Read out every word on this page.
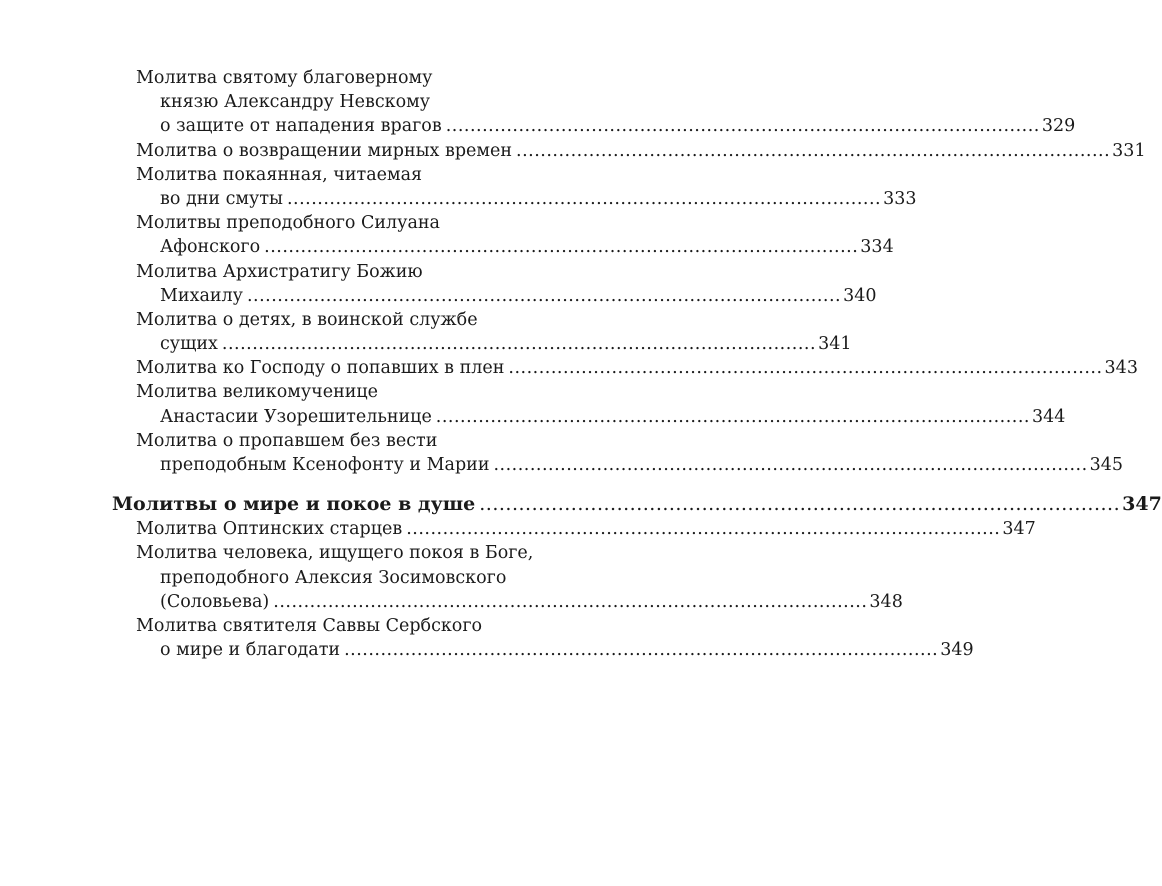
Молитва святому благоверному
князю Александру Невскому
о защите от нападения врагов .................................................................................................. 329
Молитва о возвращении мирных времен .................................................................................................. 331
Молитва покаянная, читаемая
во дни смуты .................................................................................................. 333
Молитвы преподобного Силуана
Афонского .................................................................................................. 334
Молитва Архистратигу Божию
Михаилу .................................................................................................. 340
Молитва о детях, в воинской службе
сущих .................................................................................................. 341
Молитва ко Господу о попавших в плен .................................................................................................. 343
Молитва великомученице
Анастасии Узорешительнице .................................................................................................. 344
Молитва о пропавшем без вести
преподобным Ксенофонту и Марии .................................................................................................. 345
Молитвы о мире и покое в душе .................................................................................................. 347
Молитва Оптинских старцев .................................................................................................. 347
Молитва человека, ищущего покоя в Боге,
преподобного Алексия Зосимовского
(Соловьева) .................................................................................................. 348
Молитва святителя Саввы Сербского
о мире и благодати .................................................................................................. 349
